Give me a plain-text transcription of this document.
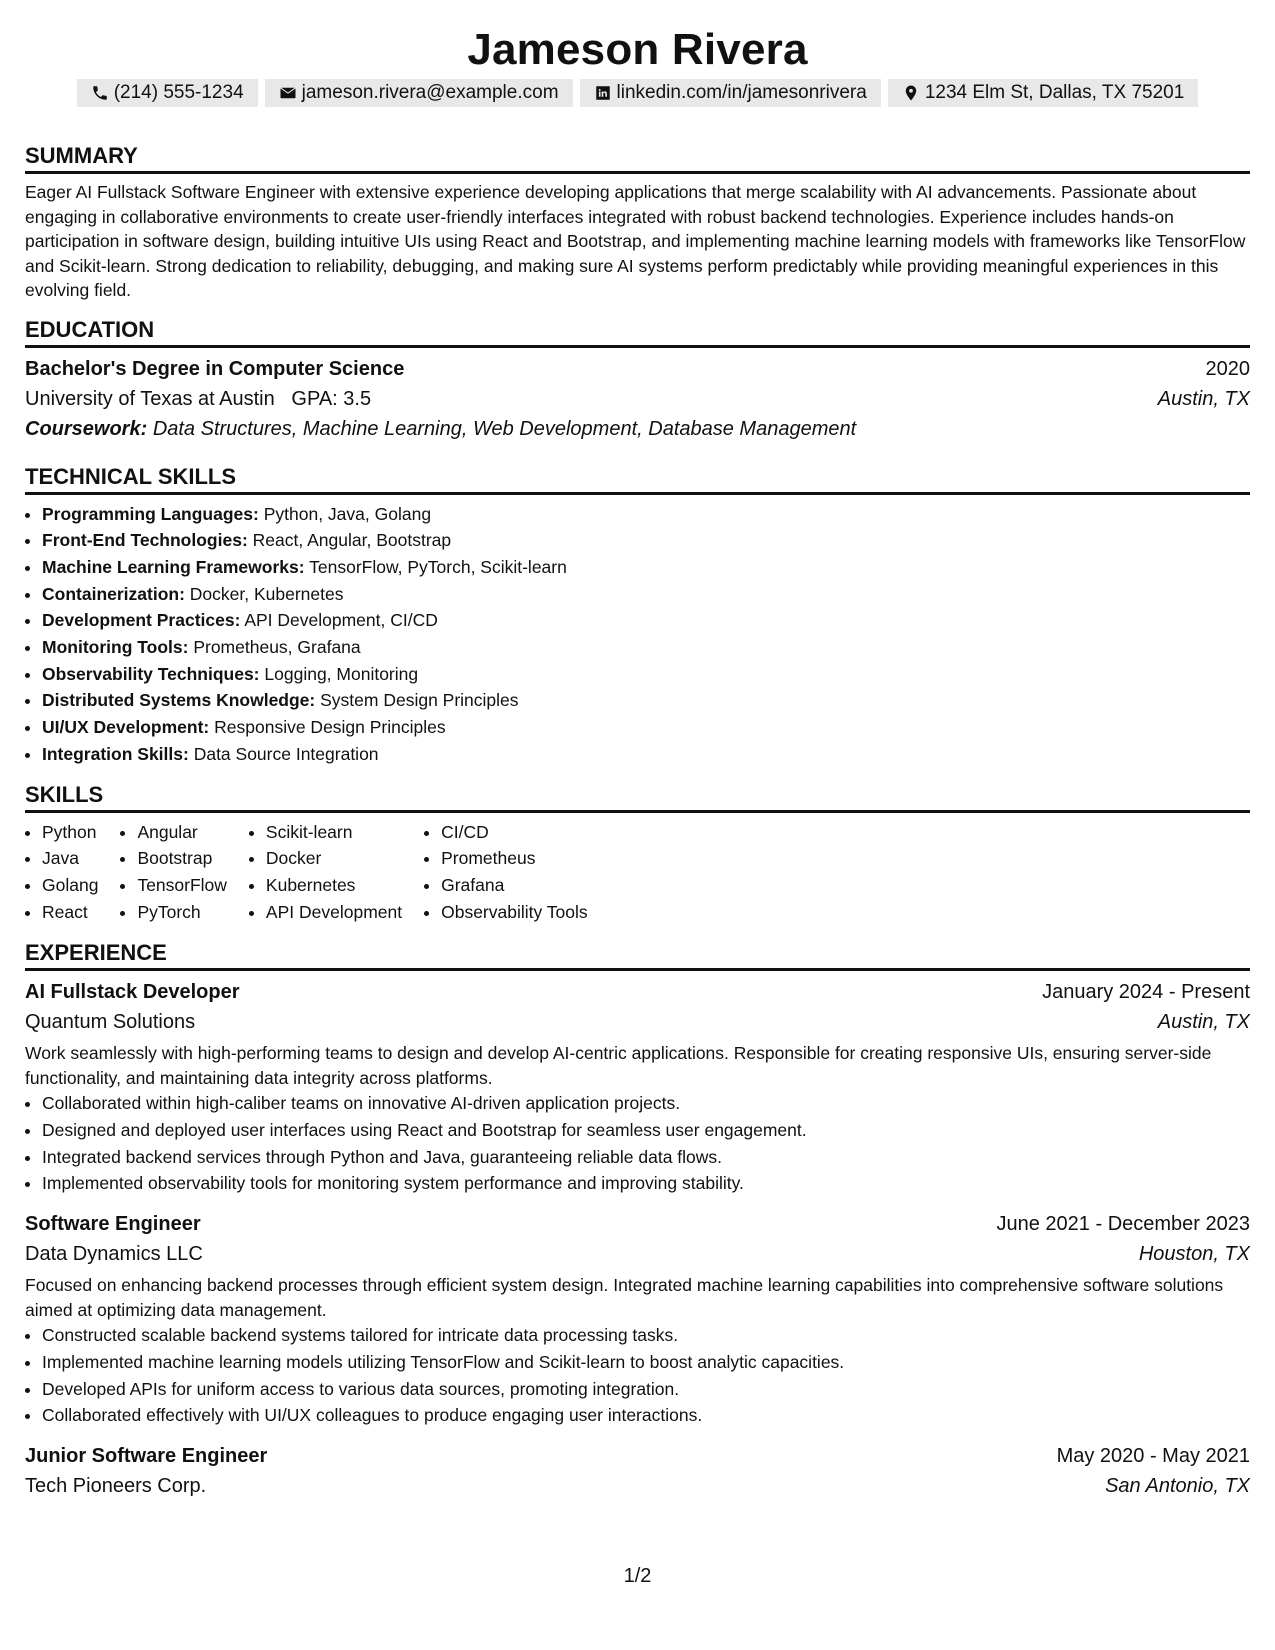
Jameson Rivera
(214) 555-1234	jameson.rivera@example.com	linkedin.com/in/jamesonrivera	1234 Elm St, Dallas, TX 75201
SUMMARY

Eager AI Fullstack Software Engineer with extensive experience developing applications that merge scalability with AI advancements. Passionate about engaging in collaborative environments to create user-friendly interfaces integrated with robust backend technologies. Experience includes hands-on participation in software design, building intuitive UIs using React and Bootstrap, and implementing machine learning models with frameworks like TensorFlow and Scikit-learn. Strong dedication to reliability, debugging, and making sure AI systems perform predictably while providing meaningful experiences in this evolving field.

EDUCATION
Bachelor's Degree in Computer Science	2020
University of Texas at Austin GPA: 3.5	Austin, TX
Coursework: Data Structures, Machine Learning, Web Development, Database Management
TECHNICAL SKILLS
• Programming Languages: Python, Java, Golang
• Front-End Technologies: React, Angular, Bootstrap
• Machine Learning Frameworks: TensorFlow, PyTorch, Scikit-learn
• Containerization: Docker, Kubernetes
• Development Practices: API Development, CI/CD
• Monitoring Tools: Prometheus, Grafana
• Observability Techniques: Logging, Monitoring
• Distributed Systems Knowledge: System Design Principles
• UI/UX Development: Responsive Design Principles
• Integration Skills: Data Source Integration
SKILLS
• Python
• Java
• Golang
• React
• Angular
• Bootstrap
• TensorFlow
• PyTorch
• Scikit-learn
• Docker
• Kubernetes
• API Development
• CI/CD
• Prometheus
• Grafana
• Observability Tools
EXPERIENCE
AI Fullstack Developer	January 2024 - Present
Quantum Solutions	Austin, TX

Work seamlessly with high-performing teams to design and develop AI-centric applications. Responsible for creating responsive UIs, ensuring server-side functionality, and maintaining data integrity across platforms.

• Collaborated within high-caliber teams on innovative AI-driven application projects.
• Designed and deployed user interfaces using React and Bootstrap for seamless user engagement.
• Integrated backend services through Python and Java, guaranteeing reliable data flows.
• Implemented observability tools for monitoring system performance and improving stability.
Software Engineer	June 2021 - December 2023
Data Dynamics LLC	Houston, TX

Focused on enhancing backend processes through efficient system design. Integrated machine learning capabilities into comprehensive software solutions aimed at optimizing data management.

• Constructed scalable backend systems tailored for intricate data processing tasks.
• Implemented machine learning models utilizing TensorFlow and Scikit-learn to boost analytic capacities.
• Developed APIs for uniform access to various data sources, promoting integration.
• Collaborated effectively with UI/UX colleagues to produce engaging user interactions.
Junior Software Engineer	May 2020 - May 2021
Tech Pioneers Corp.	San Antonio, TX
1/2
